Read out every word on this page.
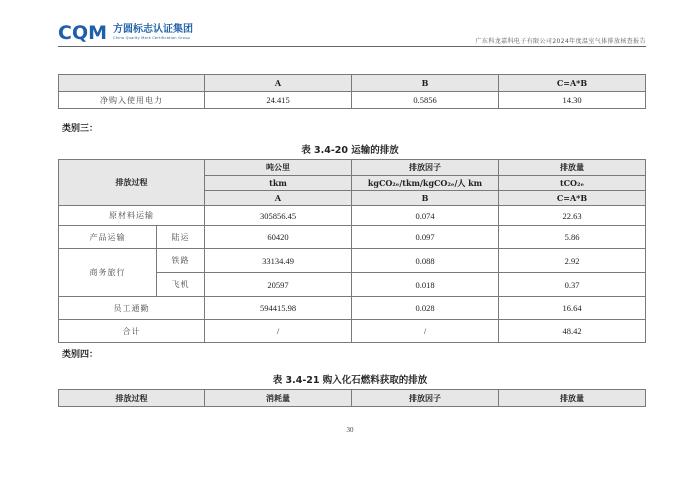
CQM 方圆标志认证集团
China Quality Mark Certification Group	广东科龙嘉科电子有限公司2024年度温室气体排放核查报告
	A	B	C=A*B
净购入使用电力	24.415	0.5856	14.30
类别三：
表 3.4-20 运输的排放
排放过程		吨公里	排放因子	排放量
		tkm	kgCO₂ₑ/tkm/kgCO₂ₑ/人 km	tCO₂ₑ
		A	B	C=A*B
原材料运输		305856.45	0.074	22.63
产品运输	陆运	60420	0.097	5.86
商务旅行	铁路	33134.49	0.088	2.92
	飞机	20597	0.018	0.37
员工通勤		594415.98	0.028	16.64
合计		/	/	48.42
类别四：
表 3.4-21 购入化石燃料获取的排放
排放过程	消耗量	排放因子	排放量
30
